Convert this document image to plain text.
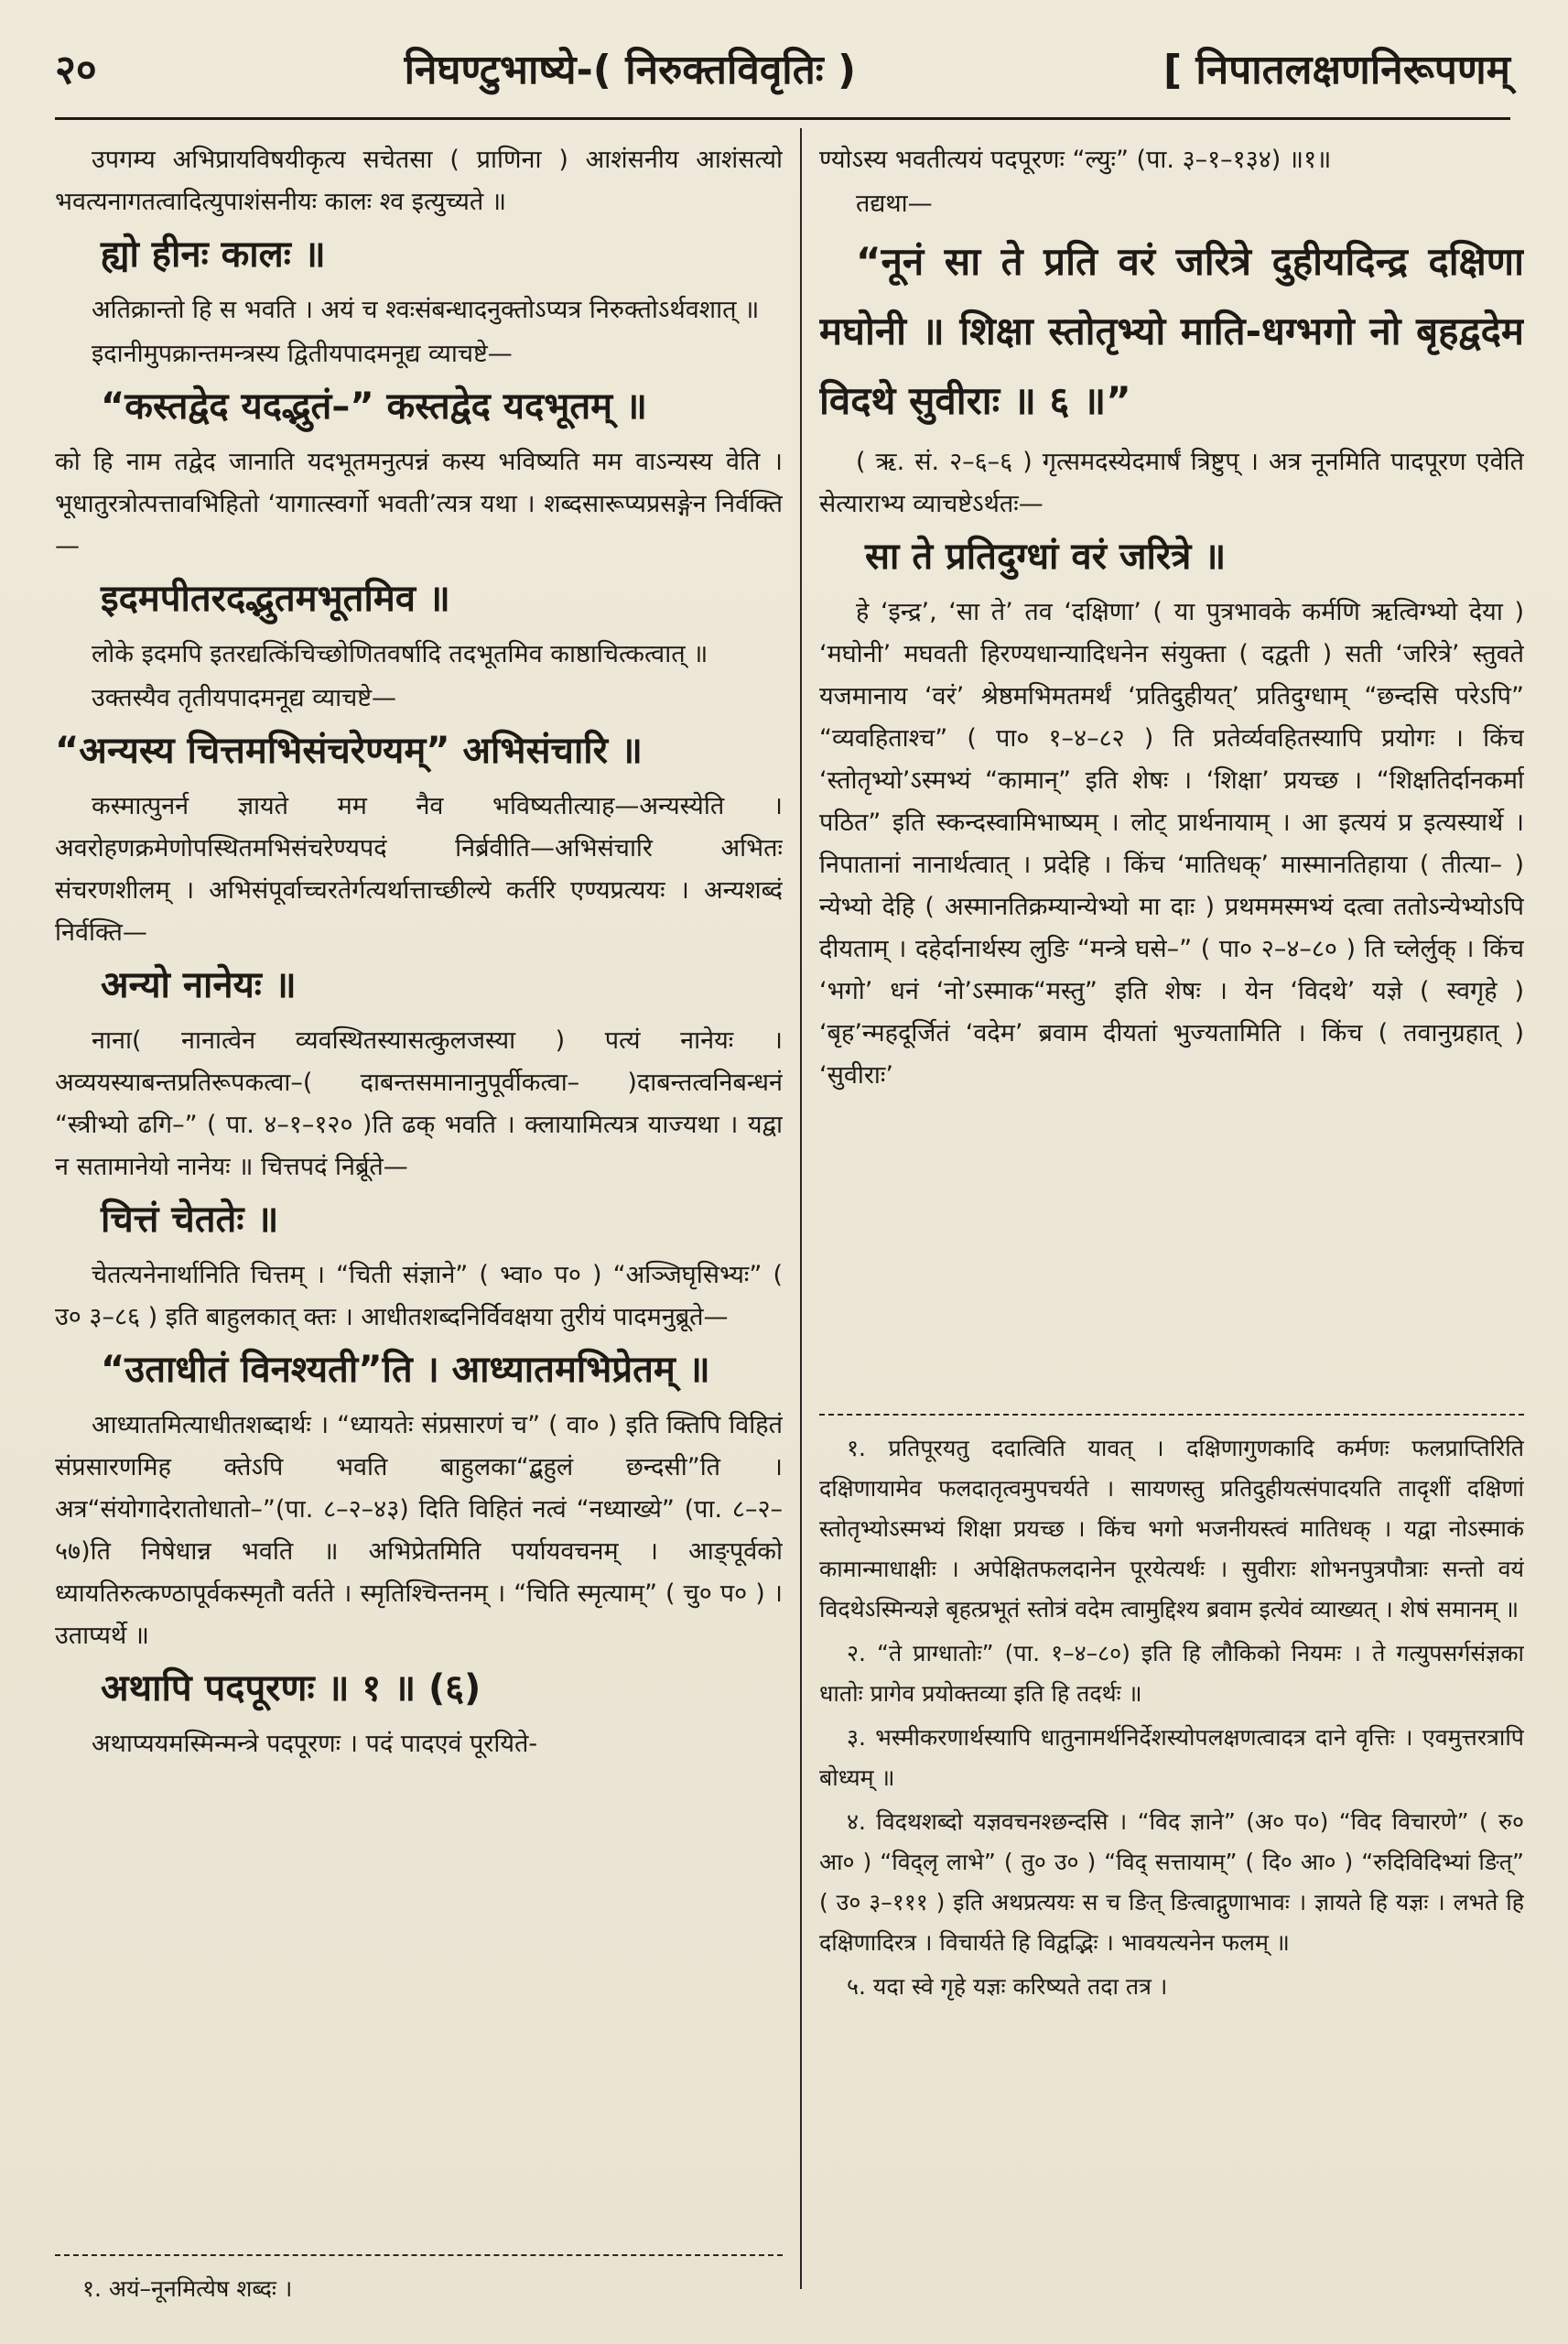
२०	निघण्टुभाष्ये-( निरुक्तविवृतिः )	[ निपातलक्षणनिरूपणम्

उपगम्य अभिप्रायविषयीकृत्य सचेतसा ( प्राणिना ) आशंसनीय आशंसत्यो भवत्यनागतत्वादित्युपाशंसनीयः कालः श्व इत्युच्यते ॥

ह्यो हीनः कालः ॥

अतिक्रान्तो हि स भवति । अयं च श्वःसंबन्धादनुक्तोऽप्यत्र निरुक्तोऽर्थवशात् ॥

इदानीमुपक्रान्तमन्त्रस्य द्वितीयपादमनूद्य व्याचष्टे—

“कस्तद्वेद यदद्भुतं–” कस्तद्वेद यदभूतम् ॥

को हि नाम तद्वेद जानाति यदभूतमनुत्पन्नं कस्य भविष्यति मम वाऽन्यस्य वेति । भूधातुरत्रोत्पत्तावभिहितो ‘यागात्स्वर्गो भवती’त्यत्र यथा । शब्दसारूप्यप्रसङ्गेन निर्वक्ति—

इदमपीतरदद्भुतमभूतमिव ॥

लोके इदमपि इतरद्यत्किंचिच्छोणितवर्षादि तदभूतमिव काष्ठाचित्कत्वात् ॥

उक्तस्यैव तृतीयपादमनूद्य व्याचष्टे—

“अन्यस्य चित्तमभिसंचरेण्यम्” अभिसंचारि ॥

कस्मात्पुनर्न ज्ञायते मम नैव भविष्यतीत्याह—अन्यस्येति । अवरोहणक्रमेणोपस्थितमभिसंचरेण्यपदं निर्ब्रवीति—अभिसंचारि अभितः संचरणशीलम् । अभिसंपूर्वाच्चरतेर्गत्यर्थात्ताच्छील्ये कर्तरि एण्यप्रत्ययः । अन्यशब्दं निर्वक्ति—

अन्यो नानेयः ॥

नाना( नानात्वेन व्यवस्थितस्यासत्कुलजस्या ) पत्यं नानेयः । अव्ययस्याबन्तप्रतिरूपकत्वा–( दाबन्तसमानानुपूर्वीकत्वा– )दाबन्तत्वनिबन्धनं “स्त्रीभ्यो ढगि–” ( पा. ४–१–१२० )ति ढक् भवति । क्लायामित्यत्र याज्यथा । यद्वा न सतामानेयो नानेयः ॥ चित्तपदं निर्ब्रूते—

चित्तं चेततेः ॥

चेतत्यनेनार्थानिति चित्तम् । “चिती संज्ञाने” ( भ्वा० प० ) “अञ्जिघृसिभ्यः” ( उ० ३–८६ ) इति बाहुलकात् क्तः । आधीतशब्दनिर्विवक्षया तुरीयं पादमनुब्रूते—

“उताधीतं विनश्यती”ति । आध्यातमभिप्रेतम् ॥

आध्यातमित्याधीतशब्दार्थः । “ध्यायतेः संप्रसारणं च” ( वा० ) इति क्तिपि विहितं संप्रसारणमिह क्तेऽपि भवति बाहुलका“द्बहुलं छन्दसी”ति । अत्र“संयोगादेरातोधातो–”(पा. ८–२–४३) दिति विहितं नत्वं “नध्याख्ये” (पा. ८–२–५७)ति निषेधान्न भवति ॥ अभिप्रेतमिति पर्यायवचनम् । आङ्पूर्वको ध्यायतिरुत्कण्ठापूर्वकस्मृतौ वर्तते । स्मृतिश्चिन्तनम् । “चिति स्मृत्याम्” ( चु० प० ) । उताप्यर्थे ॥

अथापि पदपूरणः ॥ १ ॥ (६)

अथाप्ययमस्मिन्मन्त्रे पदपूरणः । पदं पादएवं पूरयिते-

१. अयं–नूनमित्येष शब्दः ।

ण्योऽस्य भवतीत्ययं पदपूरणः “ल्युः” (पा. ३–१–१३४) ॥१॥

तद्यथा—

“नूनं सा ते प्रति वरं जरित्रे दुहीयदिन्द्र दक्षिणा मघोनी ॥ शिक्षा स्तोतृभ्यो माति-धग्भगो नो बृहद्वदेम विदथे सुवीराः ॥ ६ ॥”

( ऋ. सं. २–६–६ ) गृत्समदस्येदमार्षं त्रिष्टुप् । अत्र नूनमिति पादपूरण एवेति सेत्याराभ्य व्याचष्टेऽर्थतः—

सा ते प्रतिदुग्धां वरं जरित्रे ॥

हे ‘इन्द्र’, ‘सा ते’ तव ‘दक्षिणा’ ( या पुत्रभावके कर्मणि ऋत्विग्भ्यो देया ) ‘मघोनी’ मघवती हिरण्यधान्यादिधनेन संयुक्ता ( दद्वती ) सती ‘जरित्रे’ स्तुवते यजमानाय ‘वरं’ श्रेष्ठमभिमतमर्थं ‘प्रतिदुहीयत्’ प्रतिदुग्धाम् “छन्दसि परेऽपि” “व्यवहिताश्च” ( पा० १–४–८२ ) ति प्रतेर्व्यवहितस्यापि प्रयोगः । किंच ‘स्तोतृभ्यो’ऽस्मभ्यं “कामान्” इति शेषः । ‘शिक्षा’ प्रयच्छ । “शिक्षतिर्दानकर्मा पठित” इति स्कन्दस्वामिभाष्यम् । लोट् प्रार्थनायाम् । आ इत्ययं प्र इत्यस्यार्थे । निपातानां नानार्थत्वात् । प्रदेहि । किंच ‘मातिधक्’ मास्मानतिहाया ( तीत्या– ) न्येभ्यो देहि ( अस्मानतिक्रम्यान्येभ्यो मा दाः ) प्रथममस्मभ्यं दत्वा ततोऽन्येभ्योऽपि दीयताम् । दहेर्दानार्थस्य लुङि “मन्त्रे घसे–” ( पा० २–४–८० ) ति च्लेर्लुक् । किंच ‘भगो’ धनं ‘नो’ऽस्माक“मस्तु” इति शेषः । येन ‘विदथे’ यज्ञे ( स्वगृहे ) ‘बृह’न्महदूर्जितं ‘वदेम’ ब्रवाम दीयतां भुज्यतामिति । किंच ( तवानुग्रहात् ) ‘सुवीराः’

१. प्रतिपूरयतु ददात्विति यावत् । दक्षिणागुणकादि कर्मणः फलप्राप्तिरिति दक्षिणायामेव फलदातृत्वमुपचर्यते । सायणस्तु प्रतिदुहीयत्संपादयति तादृशीं दक्षिणां स्तोतृभ्योऽस्मभ्यं शिक्षा प्रयच्छ । किंच भगो भजनीयस्त्वं मातिधक् । यद्वा नोऽस्माकं कामान्माधाक्षीः । अपेक्षितफलदानेन पूरयेत्यर्थः । सुवीराः शोभनपुत्रपौत्राः सन्तो वयं विदथेऽस्मिन्यज्ञे बृहत्प्रभूतं स्तोत्रं वदेम त्वामुद्दिश्य ब्रवाम इत्येवं व्याख्यत् । शेषं समानम् ॥

२. “ते प्राग्धातोः” (पा. १–४–८०) इति हि लौकिको नियमः । ते गत्युपसर्गसंज्ञका धातोः प्रागेव प्रयोक्तव्या इति हि तदर्थः ॥

३. भस्मीकरणार्थस्यापि धातुनामर्थनिर्देशस्योपलक्षणत्वादत्र दाने वृत्तिः । एवमुत्तरत्रापि बोध्यम् ॥

४. विदथशब्दो यज्ञवचनश्छन्दसि । “विद ज्ञाने” (अ० प०) “विद विचारणे” ( रु० आ० ) “विद्लृ लाभे” ( तु० उ० ) “विद् सत्तायाम्” ( दि० आ० ) “रुदिविदिभ्यां ङित्” ( उ० ३–१११ ) इति अथप्रत्ययः स च ङित् ङित्वाद्गुणाभावः । ज्ञायते हि यज्ञः । लभते हि दक्षिणादिरत्र । विचार्यते हि विद्वद्भिः । भावयत्यनेन फलम् ॥

५. यदा स्वे गृहे यज्ञः करिष्यते तदा तत्र ।
